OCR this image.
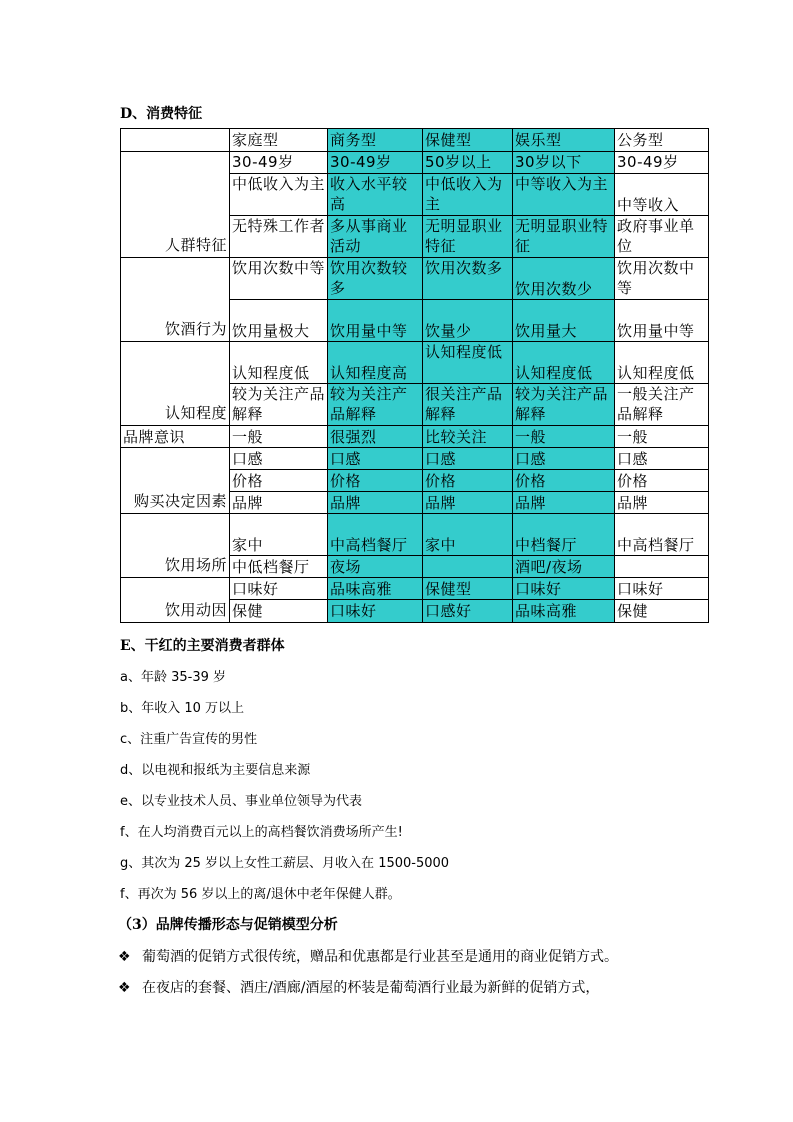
D、消费特征
	家庭型	商务型	保健型	娱乐型	公务型
人群特征	30-49岁	30-49岁	50岁以上	30岁以下	30-49岁
	中低收入为主	收入水平较高	中低收入为主	中等收入为主	中等收入
	无特殊工作者	多从事商业活动	无明显职业特征	无明显职业特征	政府事业单位
饮酒行为	饮用次数中等	饮用次数较多	饮用次数多	饮用次数少	饮用次数中等
	饮用量极大	饮用量中等	饮量少	饮用量大	饮用量中等
认知程度	认知程度低	认知程度高	认知程度低	认知程度低	认知程度低
	较为关注产品解释	较为关注产品解释	很关注产品解释	较为关注产品解释	一般关注产品解释
品牌意识	一般	很强烈	比较关注	一般	一般
购买决定因素	口感	口感	口感	口感	口感
	价格	价格	价格	价格	价格
	品牌	品牌	品牌	品牌	品牌
饮用场所	家中	中高档餐厅	家中	中档餐厅	中高档餐厅
	中低档餐厅	夜场		酒吧/夜场	
饮用动因	口味好	品味高雅	保健型	口味好	口味好
	保健	口味好	口感好	品味高雅	保健
E、干红的主要消费者群体
a、年龄 35-39 岁
b、年收入 10 万以上
c、注重广告宣传的男性
d、以电视和报纸为主要信息来源
e、以专业技术人员、事业单位领导为代表
f、在人均消费百元以上的高档餐饮消费场所产生!
g、其次为 25 岁以上女性工薪层、月收入在 1500-5000
f、再次为 56 岁以上的离/退休中老年保健人群。
（3）品牌传播形态与促销模型分析
❖ 葡萄酒的促销方式很传统，赠品和优惠都是行业甚至是通用的商业促销方式。
❖ 在夜店的套餐、酒庄/酒廊/酒屋的杯装是葡萄酒行业最为新鲜的促销方式，
